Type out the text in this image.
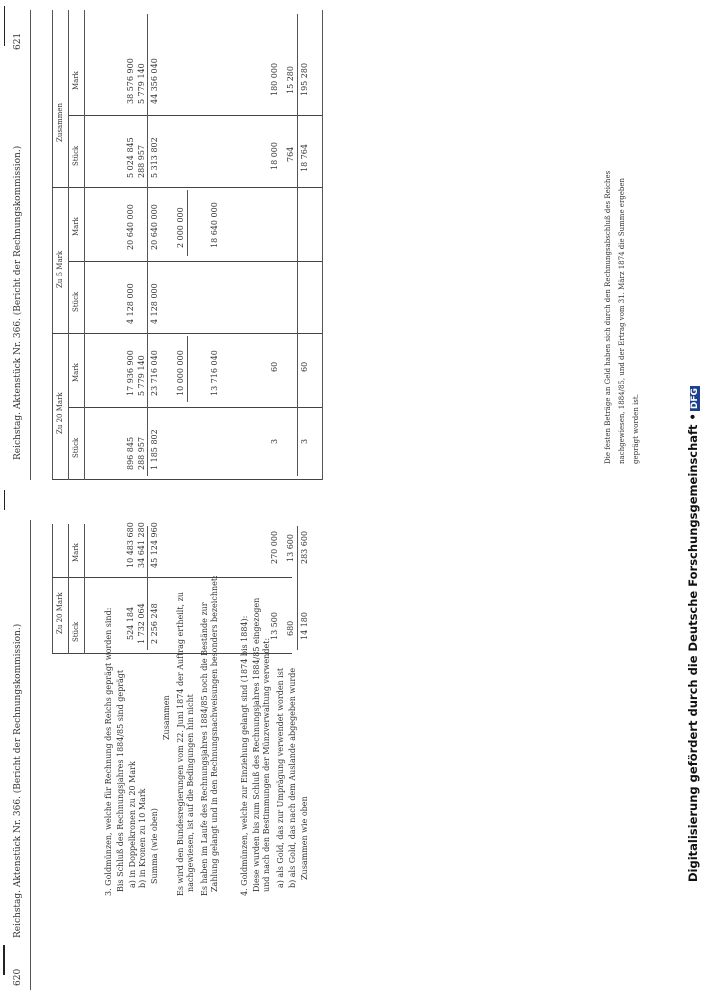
620
Reichstag. Aktenstück Nr. 366. (Bericht der Rechnungskommission.)
Zu 20 Mark Stück
Mark
3. Goldmünzen, welche für Rechnung des Reichs geprägt worden sind: Bis Schluß des Rechnungsjahres 1884/85 sind geprägt a) in Doppelkronen zu 20 Mark b) in Kronen zu 10 Mark Summa (wie oben)
Zusammen Es wird den Bundesregierungen vom 22. Juni 1874 der Auftrag ertheilt, zu nachgewiesen, ist auf die Bedingungen hin nicht Es haben im Laufe des Rechnungsjahres 1884/85 noch die Bestände zur Zahlung gelangt und in den Rechnungsnachweisungen besonders bezeichnet:	4. Goldmünzen, welche zur Einziehung gelangt sind (1874 bis 1884): Diese wurden bis zum Schluß des Rechnungsjahres 1884/85 eingezogen und nach den Bestimmungen der Münzverwaltung verwendet: a) als Gold, das zur Umprägung verwendet worden ist b) als Gold, das nach dem Auslande abgegeben wurde Zusammen wie oben
524 184
10 483 680
1 732 064
34 641 280
2 256 248
45 124 960
13 500
270 000
680
13 600
14 180
283 600
Reichstag. Aktenstück Nr. 366. (Bericht der Rechnungskommission.)
621
Zu 20 Mark
Zu 5 Mark
Zusammen
Stück
Mark
Stück
Mark
Stück
Mark
896 845
17 936 900
4 128 000
20 640 000
5 024 845
38 576 900
288 957
5 779 140
288 957
5 779 140
1 185 802
23 716 040
4 128 000
20 640 000
5 313 802
44 356 040
10 000 000
2 000 000
13 716 040
18 640 000
3
60
18 000
180 000
764
15 280
3
60
18 764
195 280
Die festen Beträge an Geld haben sich durch den Rechnungsabschluß des Reiches nachgewiesen, 1884/85, und der Ertrag vom 31. März 1874 die Summe ergeben geprägt worden ist.	Digitalisierung gefördert durch die Deutsche Forschungsgemeinschaft •DFG
